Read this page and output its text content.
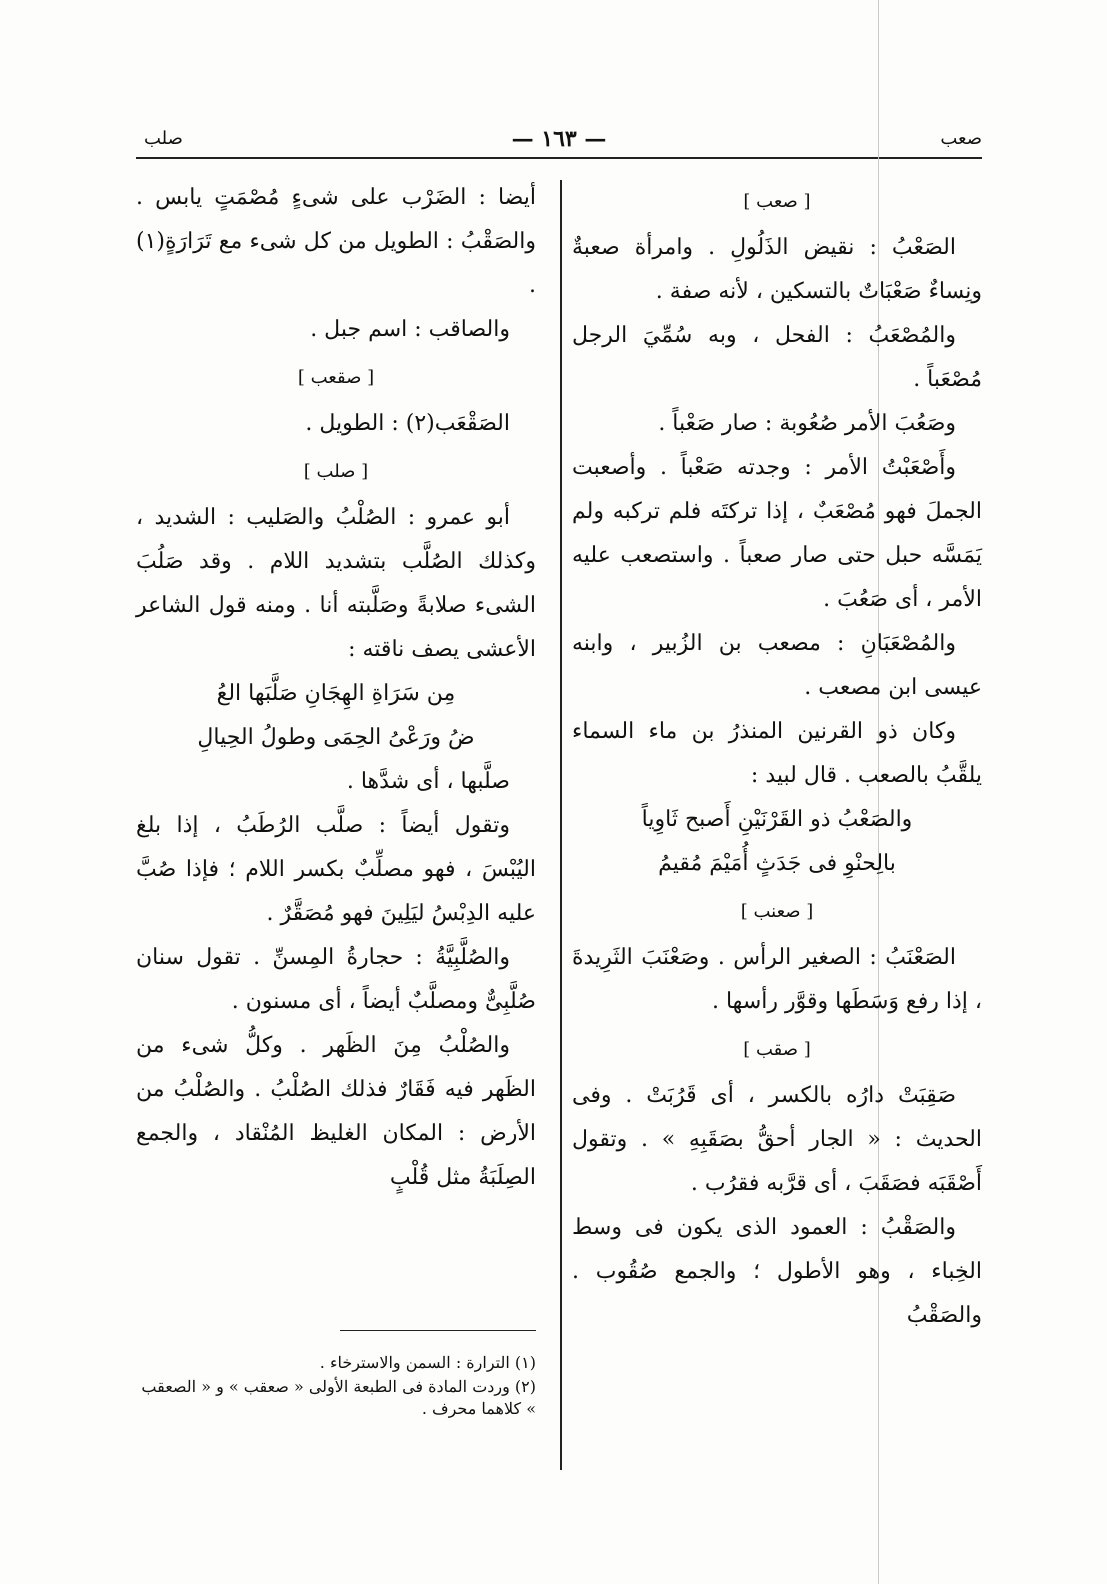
صعب
— ١٦٣ —
صلب
[ صعب ]

الصَعْبُ : نقيض الذَلُولِ . وامرأة صعبةٌ ونِساءٌ صَعْبَاتٌ بالتسكين ، لأنه صفة .

والمُصْعَبُ : الفحل ، وبه سُمِّيَ الرجل مُصْعَباً .

وصَعُبَ الأمر صُعُوبة : صار صَعْباً .

وأَصْعَبْتُ الأمر : وجدته صَعْباً . وأصعبت الجملَ فهو مُصْعَبٌ ، إذا تركتَه فلم تركبه ولم يَمَسَّه حبل حتى صار صعباً . واستصعب عليه الأمر ، أى صَعُبَ .

والمُصْعَبَانِ : مصعب بن الزُبير ، وابنه عيسى ابن مصعب .

وكان ذو القرنين المنذرُ بن ماء السماء يلقَّبُ بالصعب . قال لبيد :

والصَعْبُ ذو القَرْنَيْنِ أَصبح ثَاوِياً

بالِحنْوِ فى جَدَثٍ أُمَيْمَ مُقيمُ

[ صعنب ]

الصَعْنَبُ : الصغير الرأس . وصَعْنَبَ الثَرِيدةَ ، إذا رفع وَسَطَها وقوَّر رأسها .

[ صقب ]

صَقِبَتْ دارُه بالكسر ، أى قَرُبَتْ . وفى الحديث : « الجار أحقُّ بصَقَبِهِ » . وتقول أَصْقَبَه فصَقَبَ ، أى قرَّبه فقرُب .

والصَقْبُ : العمود الذى يكون فى وسط الخِباء ، وهو الأطول ؛ والجمع صُقُوب . والصَقْبُ

أيضا : الضَرْب على شىءٍ مُصْمَتٍ يابس . والصَقْبُ : الطويل من كل شىء مع تَرَارَةٍ(١) .

والصاقب : اسم جبل .

[ صقعب ]

الصَقْعَب(٢) : الطويل .

[ صلب ]

أبو عمرو : الصُلْبُ والصَليب : الشديد ، وكذلك الصُلَّب بتشديد اللام . وقد صَلُبَ الشىء صلابةً وصَلَّبته أنا . ومنه قول الشاعر الأعشى يصف ناقته :

مِن سَرَاةِ الهِجَانِ صَلَّبَها العُ

ضُ ورَعْىُ الحِمَى وطولُ الحِيالِ

صلَّبها ، أى شدَّها .

وتقول أيضاً : صلَّب الرُطَبُ ، إذا بلغ اليُبْسَ ، فهو مصلِّبٌ بكسر اللام ؛ فإذا صُبَّ عليه الدِبْسُ ليَلِينَ فهو مُصَقَّرٌ .

والصُلَّبِيَّةُ : حجارةُ المِسنِّ . تقول سنان صُلَّبِىٌّ ومصلَّبٌ أيضاً ، أى مسنون .

والصُلْبُ مِنَ الظَهر . وكلُّ شىء من الظَهر فيه فَقَارٌ فذلك الصُلْبُ . والصُلْبُ من الأرض : المكان الغليظ المُنْقاد ، والجمع الصِلَبَةُ مثل قُلْبٍ

(١) الترارة : السمن والاسترخاء .

(٢) وردت المادة فى الطبعة الأولى « صعقب » و « الصعقب » كلاهما محرف .
